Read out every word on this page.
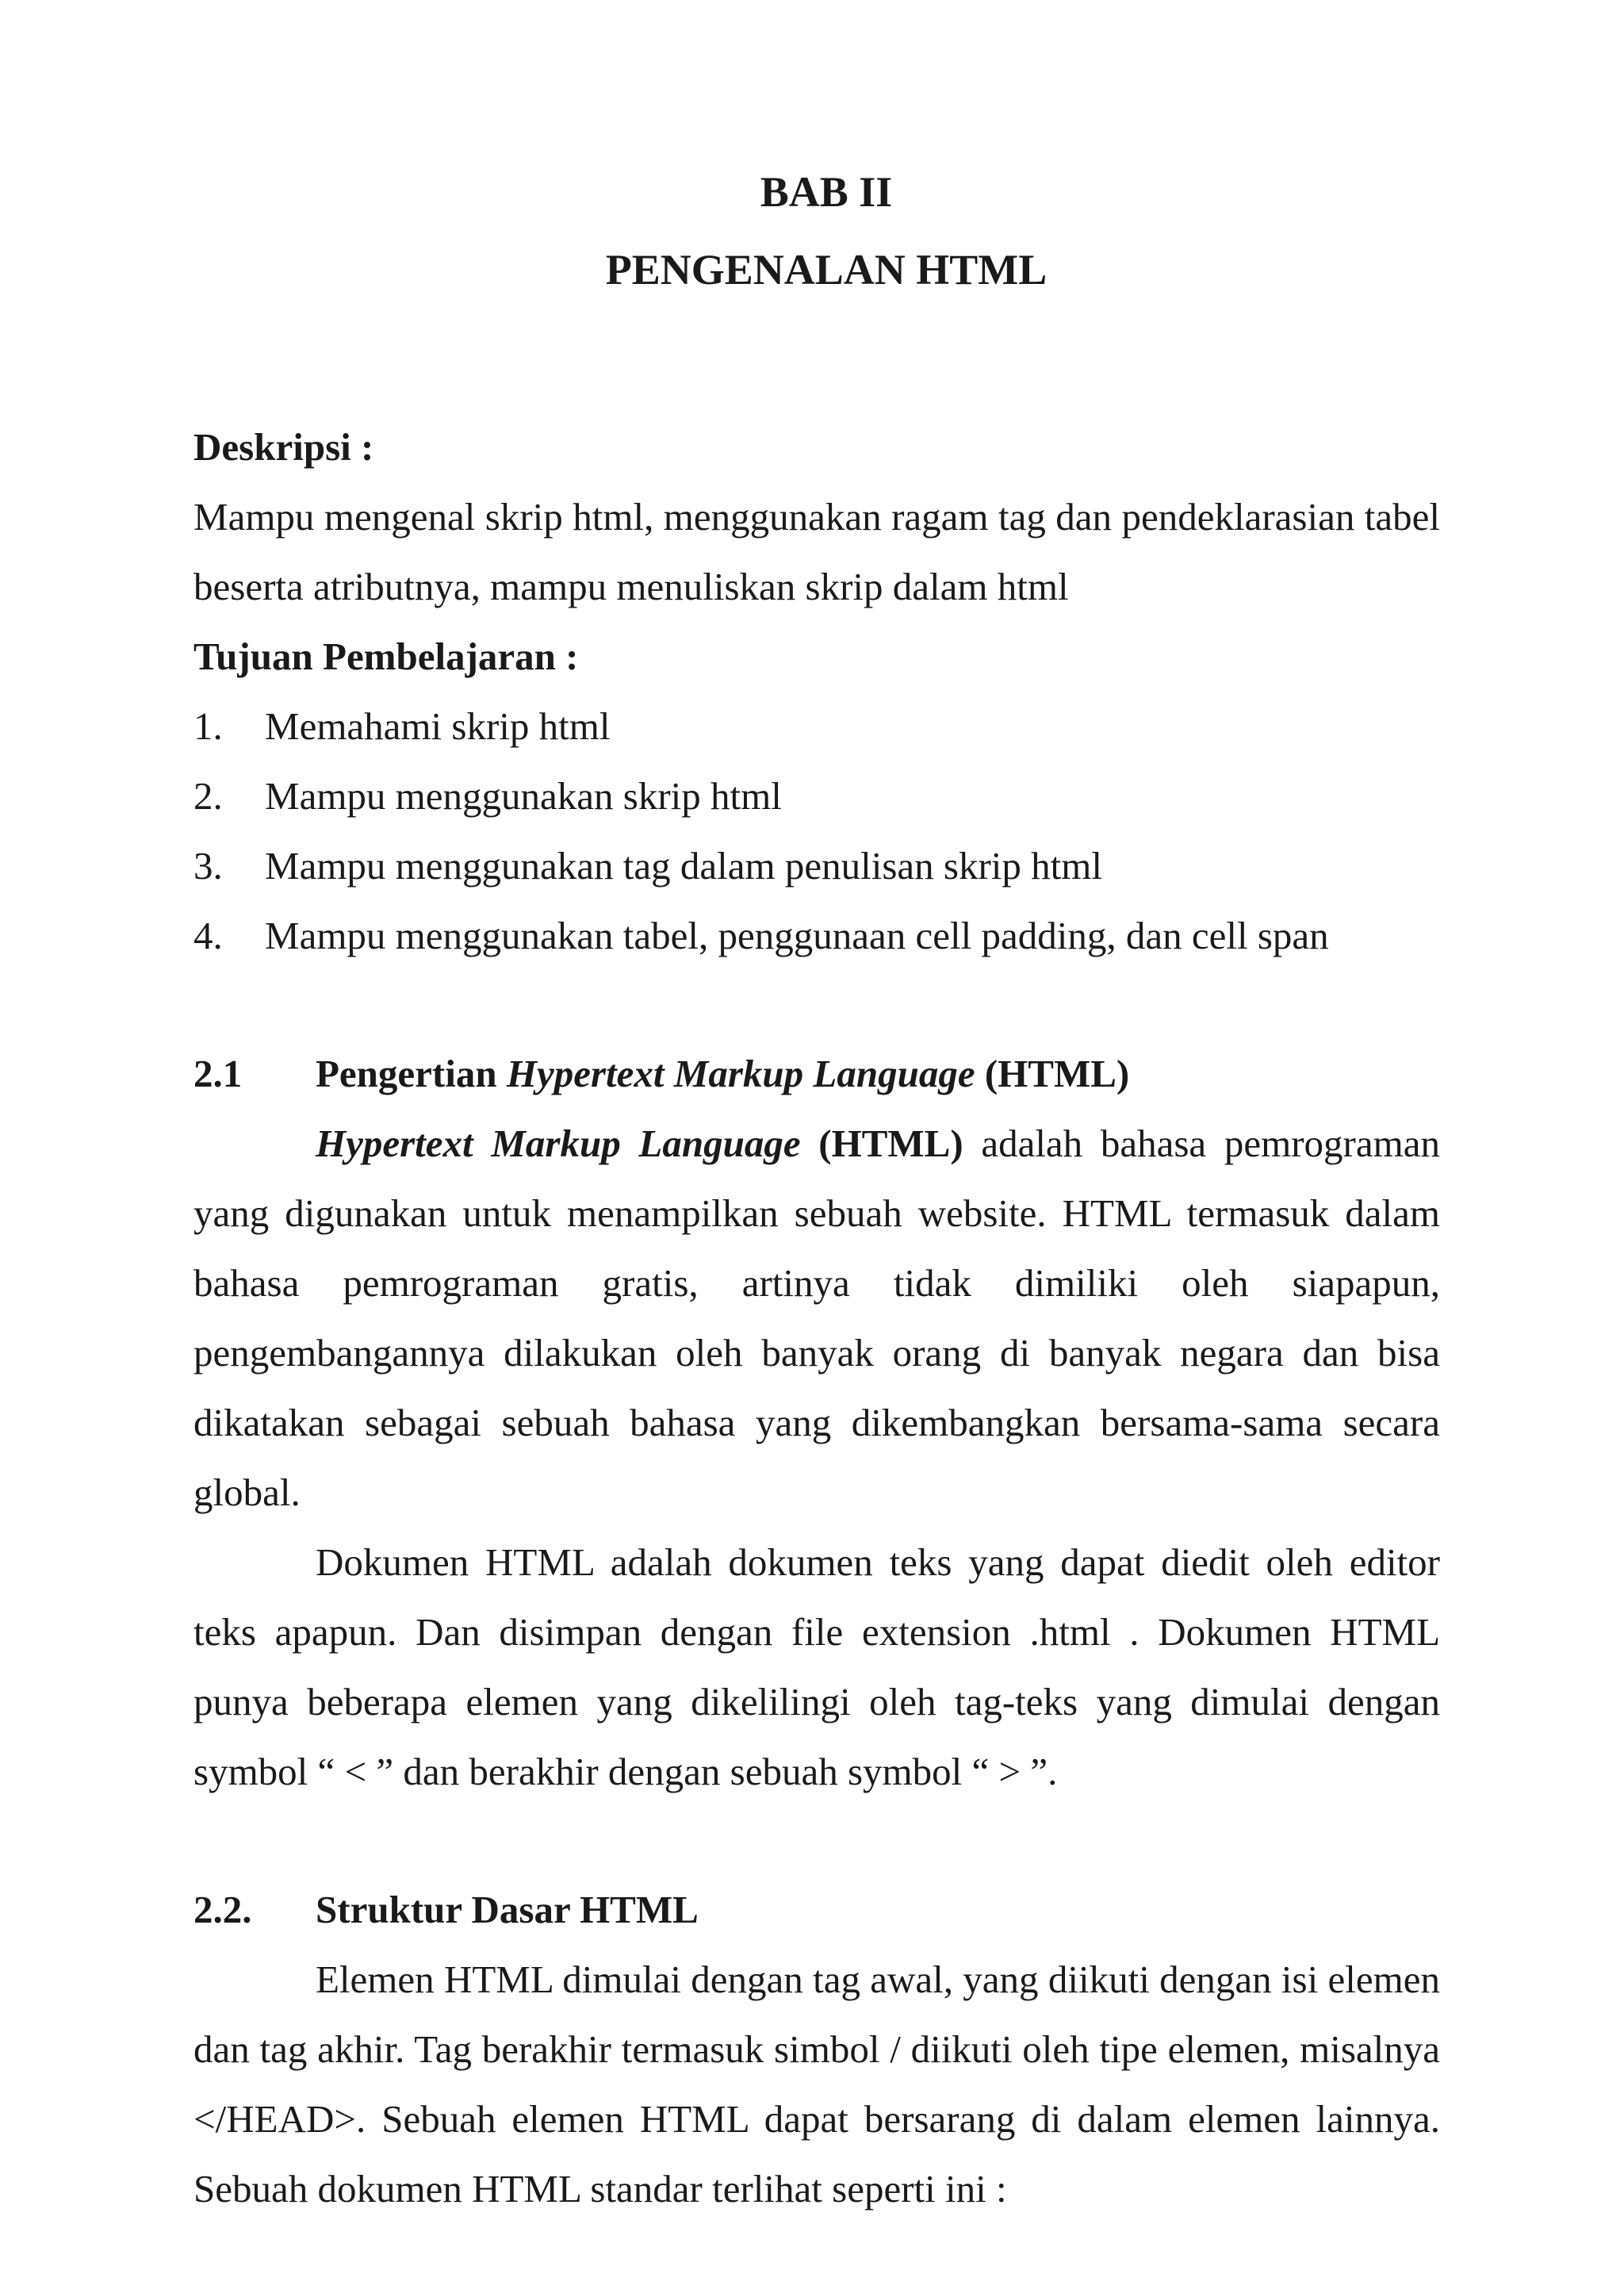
BAB II
PENGENALAN HTML

Deskripsi :

Mampu mengenal skrip html, menggunakan ragam tag dan pendeklarasian tabel beserta atributnya, mampu menuliskan skrip dalam html

Tujuan Pembelajaran :

1.	Memahami skrip html
2.	Mampu menggunakan skrip html
3.	Mampu menggunakan tag dalam penulisan skrip html
4.	Mampu menggunakan tabel, penggunaan cell padding, dan cell span
2.1	Pengertian Hypertext Markup Language (HTML)

Hypertext Markup Language (HTML) adalah bahasa pemrograman yang digunakan untuk menampilkan sebuah website. HTML termasuk dalam bahasa pemrograman gratis, artinya tidak dimiliki oleh siapapun, pengembangannya dilakukan oleh banyak orang di banyak negara dan bisa dikatakan sebagai sebuah bahasa yang dikembangkan bersama-sama secara global.

Dokumen HTML adalah dokumen teks yang dapat diedit oleh editor teks apapun. Dan disimpan dengan file extension .html . Dokumen HTML punya beberapa elemen yang dikelilingi oleh tag-teks yang dimulai dengan symbol “ < ” dan berakhir dengan sebuah symbol “ > ”.

2.2.	Struktur Dasar HTML

Elemen HTML dimulai dengan tag awal, yang diikuti dengan isi elemen dan tag akhir. Tag berakhir termasuk simbol / diikuti oleh tipe elemen, misalnya </HEAD>. Sebuah elemen HTML dapat bersarang di dalam elemen lainnya. Sebuah dokumen HTML standar terlihat seperti ini :
